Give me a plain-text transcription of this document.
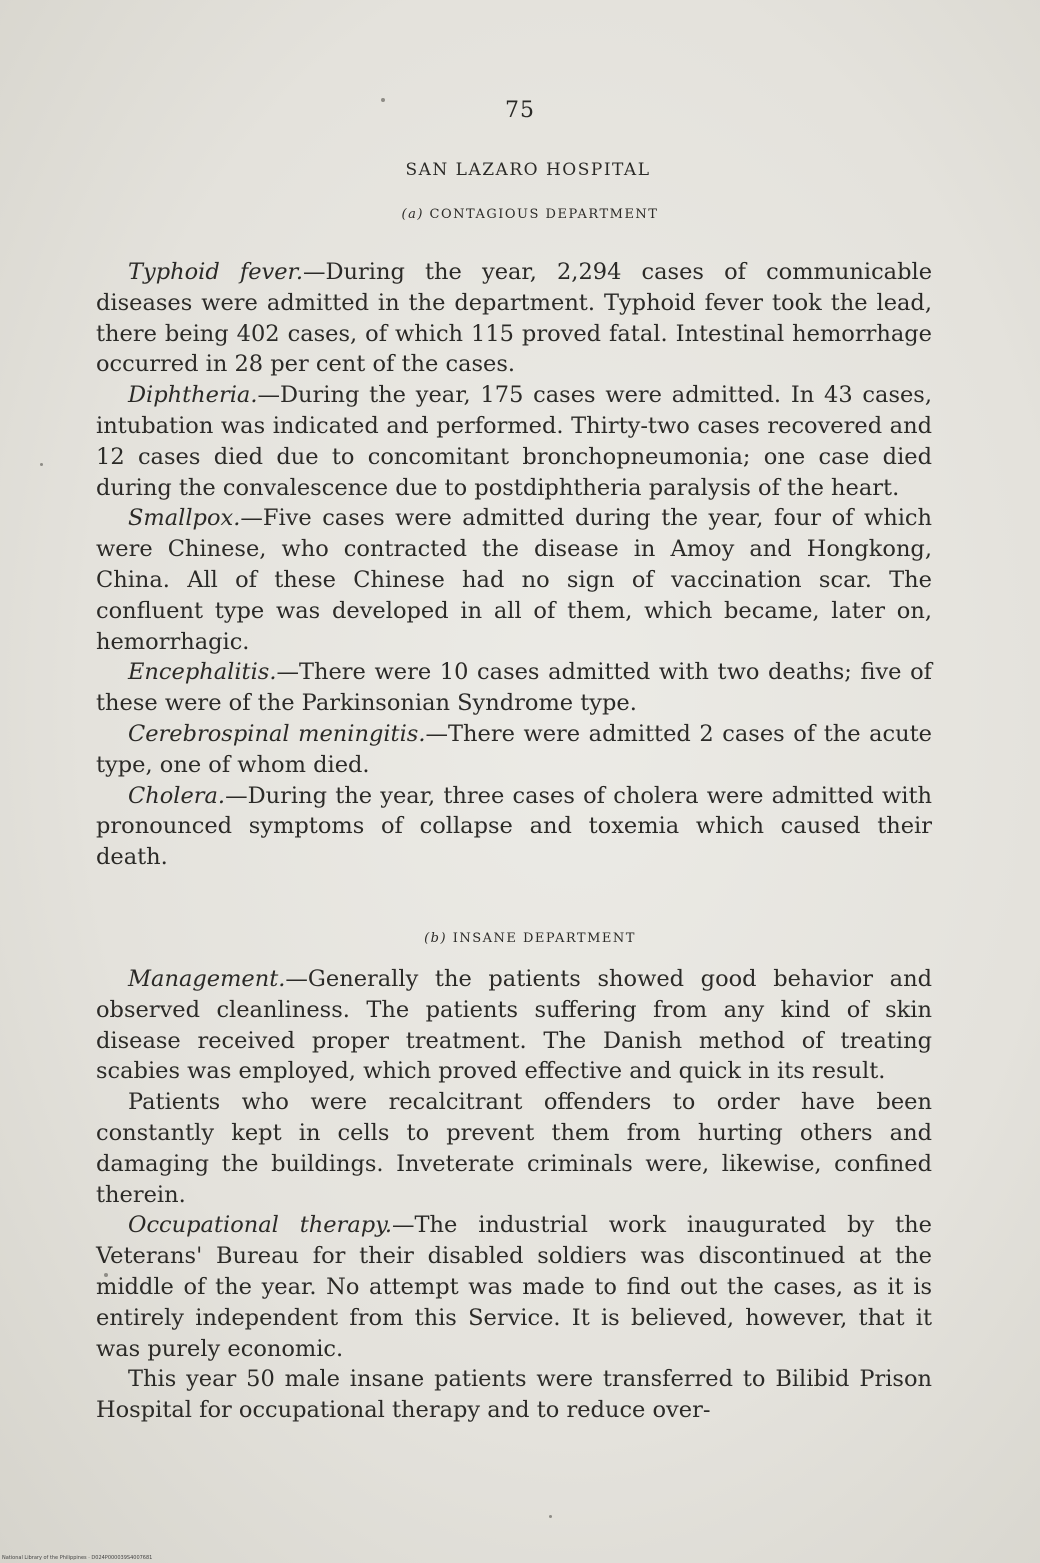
75
SAN LAZARO HOSPITAL
(a) CONTAGIOUS DEPARTMENT

Typhoid fever.—During the year, 2,294 cases of communicable diseases were admitted in the department. Typhoid fever took the lead, there being 402 cases, of which 115 proved fatal. Intestinal hemorrhage occurred in 28 per cent of the cases.

Diphtheria.—During the year, 175 cases were admitted. In 43 cases, intubation was indicated and performed. Thirty-two cases recovered and 12 cases died due to concomitant bronchopneumonia; one case died during the convalescence due to postdiphtheria paralysis of the heart.

Smallpox.—Five cases were admitted during the year, four of which were Chinese, who contracted the disease in Amoy and Hongkong, China. All of these Chinese had no sign of vaccination scar. The confluent type was developed in all of them, which became, later on, hemorrhagic.

Encephalitis.—There were 10 cases admitted with two deaths; five of these were of the Parkinsonian Syndrome type.

Cerebrospinal meningitis.—There were admitted 2 cases of the acute type, one of whom died.

Cholera.—During the year, three cases of cholera were admitted with pronounced symptoms of collapse and toxemia which caused their death.

(b) INSANE DEPARTMENT

Management.—Generally the patients showed good behavior and observed cleanliness. The patients suffering from any kind of skin disease received proper treatment. The Danish method of treating scabies was employed, which proved effective and quick in its result.

Patients who were recalcitrant offenders to order have been constantly kept in cells to prevent them from hurting others and damaging the buildings. Inveterate criminals were, likewise, confined therein.

Occupational therapy.—The industrial work inaugurated by the Veterans' Bureau for their disabled soldiers was discontinued at the middle of the year. No attempt was made to find out the cases, as it is entirely independent from this Service. It is believed, however, that it was purely economic.

This year 50 male insane patients were transferred to Bilibid Prison Hospital for occupational therapy and to reduce over-

National Library of the Philippines · D024P000039S4007681
